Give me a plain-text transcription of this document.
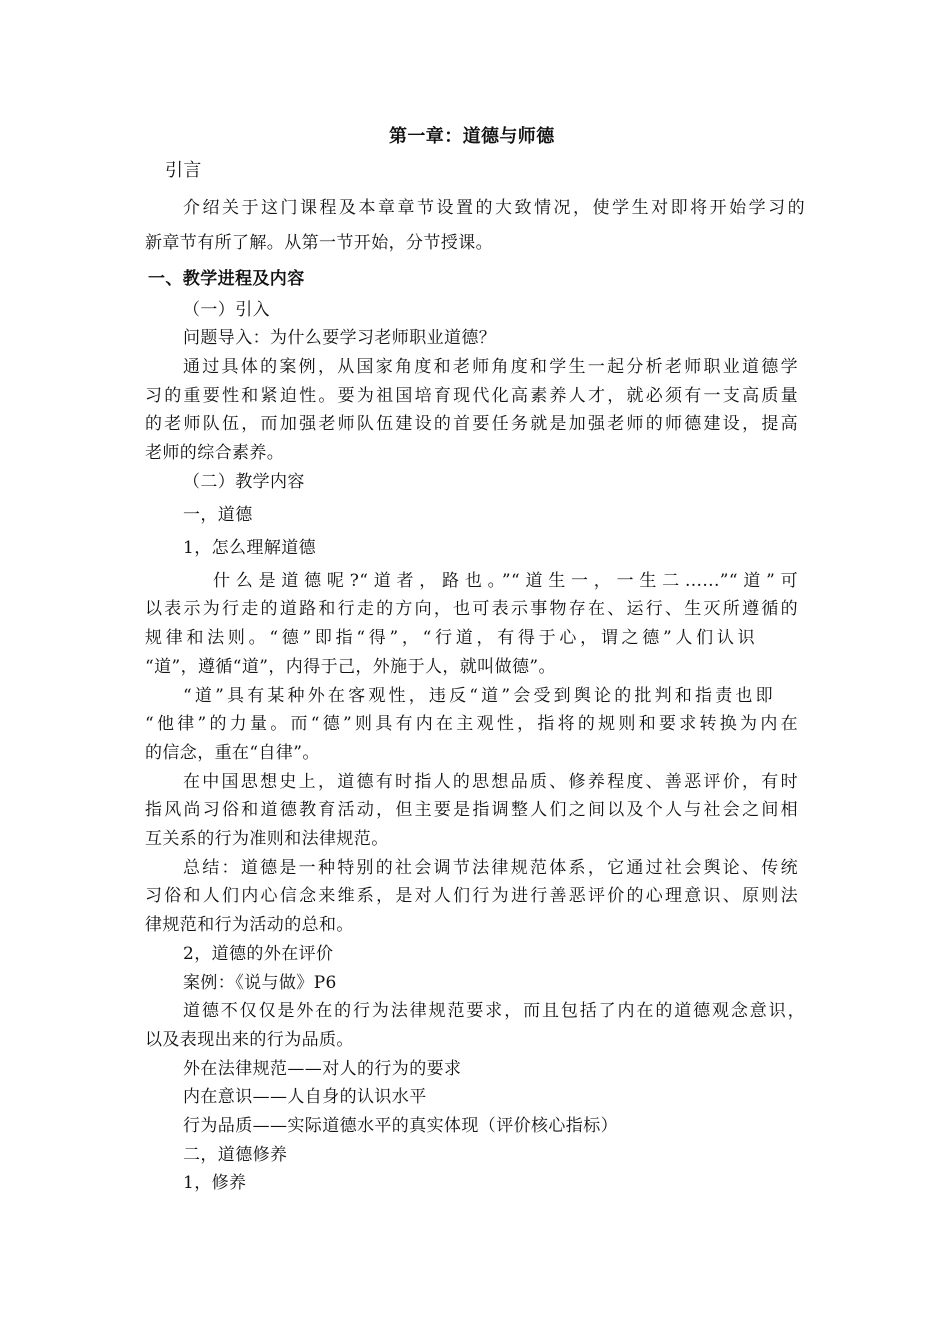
第一章：道德与师德
引言
介绍关于这门课程及本章章节设置的大致情况，使学生对即将开始学习的
新章节有所了解。从第一节开始，分节授课。
一、教学进程及内容
（一）引入
问题导入：为什么要学习老师职业道德？
通过具体的案例，从国家角度和老师角度和学生一起分析老师职业道德学
习的重要性和紧迫性。要为祖国培育现代化高素养人才，就必须有一支高质量
的老师队伍，而加强老师队伍建设的首要任务就是加强老师的师德建设，提高
老师的综合素养。
（二）教学内容
一，道德
1，怎么理解道德
什么是道德呢?“道者，路也。”“道生一，一生二......”“道”可
以表示为行走的道路和行走的方向，也可表示事物存在、运行、生灭所遵循的
规律和法则。“德”即指“得”，“行道，有得于心，谓之德”人们认识
“道”，遵循“道”，内得于己，外施于人，就叫做德”。
“道”具有某种外在客观性，违反“道”会受到舆论的批判和指责也即
“他律”的力量。而“德”则具有内在主观性，指将的规则和要求转换为内在
的信念，重在“自律”。
在中国思想史上，道德有时指人的思想品质、修养程度、善恶评价，有时
指风尚习俗和道德教育活动，但主要是指调整人们之间以及个人与社会之间相
互关系的行为准则和法律规范。
总结：道德是一种特别的社会调节法律规范体系，它通过社会舆论、传统
习俗和人们内心信念来维系，是对人们行为进行善恶评价的心理意识、原则法
律规范和行为活动的总和。
2，道德的外在评价
案例：《说与做》P6
道德不仅仅是外在的行为法律规范要求，而且包括了内在的道德观念意识，
以及表现出来的行为品质。
外在法律规范——对人的行为的要求
内在意识——人自身的认识水平
行为品质——实际道德水平的真实体现（评价核心指标）
二，道德修养
1，修养
